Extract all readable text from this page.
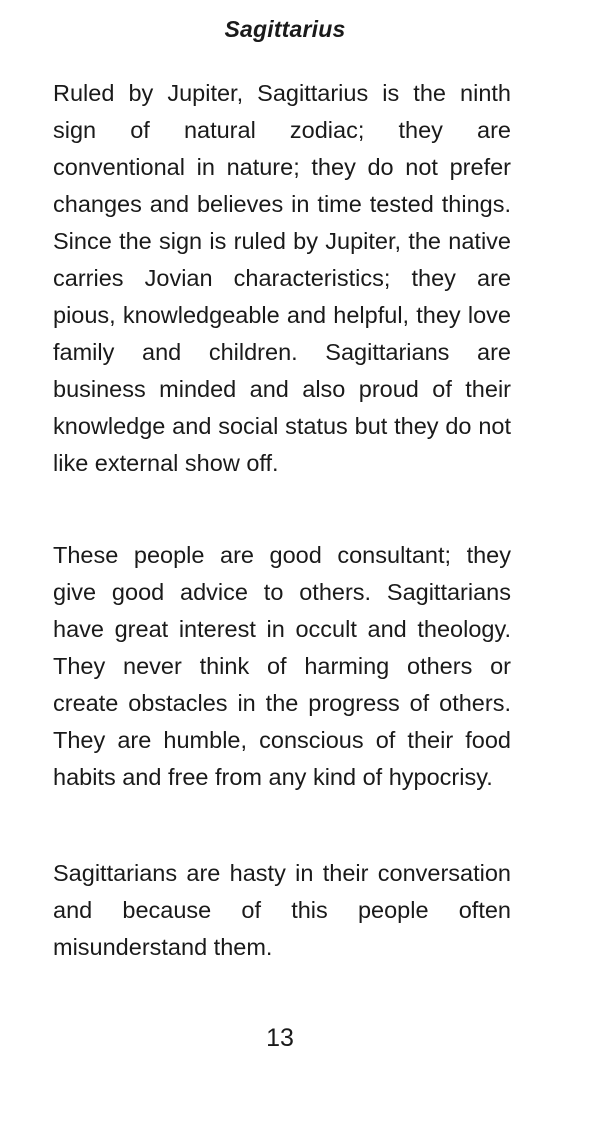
Sagittarius

Ruled by Jupiter, Sagittarius is the ninth sign of natural zodiac; they are conventional in nature; they do not prefer changes and believes in time tested things. Since the sign is ruled by Jupiter, the native carries Jovian characteristics; they are pious, knowledgeable and helpful, they love family and children. Sagittarians are business minded and also proud of their knowledge and social status but they do not like external show off.

These people are good consultant; they give good advice to others. Sagittarians have great interest in occult and theology. They never think of harming others or create obstacles in the progress of others. They are humble, conscious of their food habits and free from any kind of hypocrisy.

Sagittarians are hasty in their conversation and because of this people often misunderstand them.

13
